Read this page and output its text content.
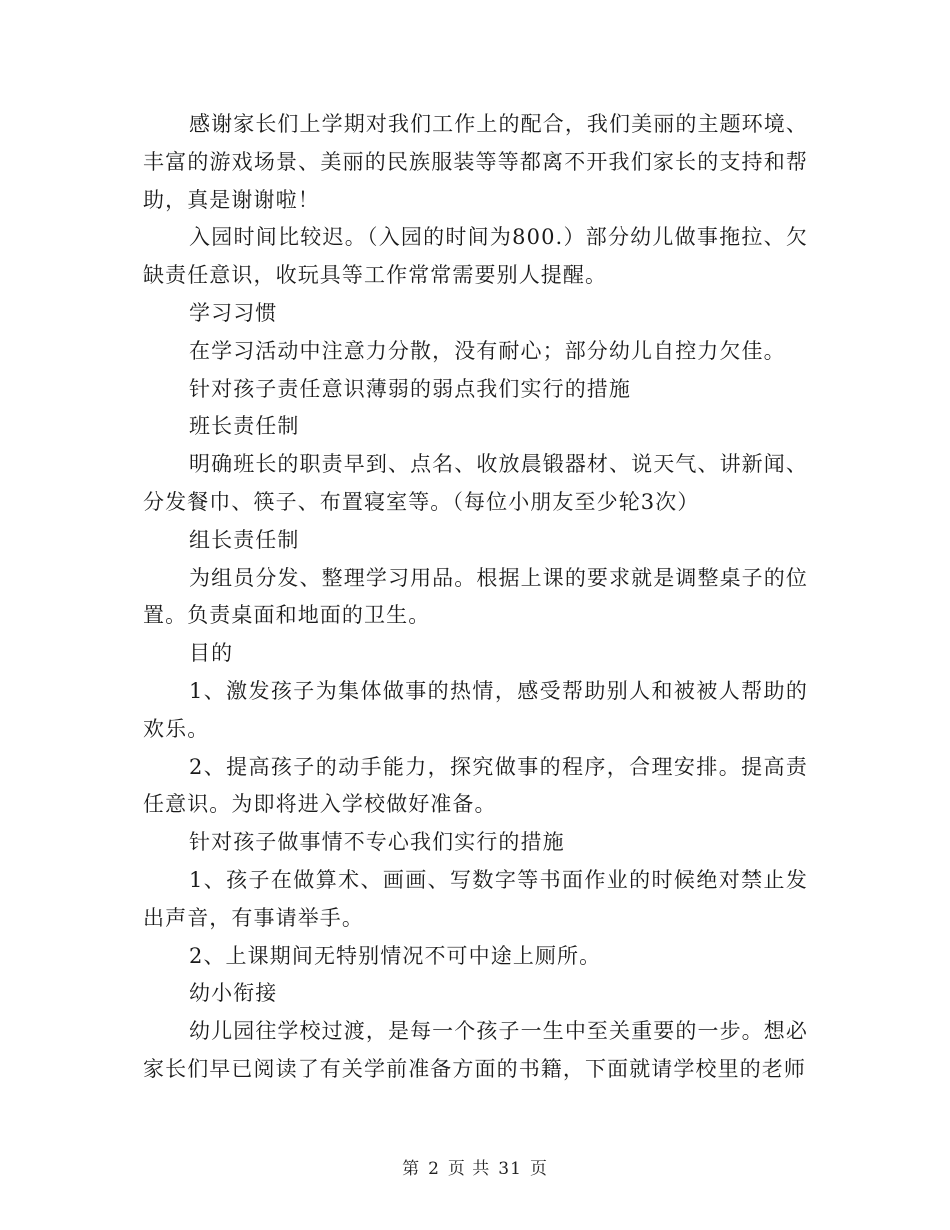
感谢家长们上学期对我们工作上的配合，我们美丽的主题环境、丰富的游戏场景、美丽的民族服装等等都离不开我们家长的支持和帮助，真是谢谢啦！

入园时间比较迟。（入园的时间为800.）部分幼儿做事拖拉、欠缺责任意识，收玩具等工作常常需要别人提醒。

学习习惯

在学习活动中注意力分散，没有耐心；部分幼儿自控力欠佳。

针对孩子责任意识薄弱的弱点我们实行的措施

班长责任制

明确班长的职责早到、点名、收放晨锻器材、说天气、讲新闻、分发餐巾、筷子、布置寝室等。（每位小朋友至少轮3次）

组长责任制

为组员分发、整理学习用品。根据上课的要求就是调整桌子的位置。负责桌面和地面的卫生。

目的

1、激发孩子为集体做事的热情，感受帮助别人和被被人帮助的欢乐。

2、提高孩子的动手能力，探究做事的程序，合理安排。提高责任意识。为即将进入学校做好准备。

针对孩子做事情不专心我们实行的措施

1、孩子在做算术、画画、写数字等书面作业的时候绝对禁止发出声音，有事请举手。

2、上课期间无特别情况不可中途上厕所。

幼小衔接

幼儿园往学校过渡，是每一个孩子一生中至关重要的一步。想必家长们早已阅读了有关学前准备方面的书籍，下面就请学校里的老师

第 2 页 共 31 页
